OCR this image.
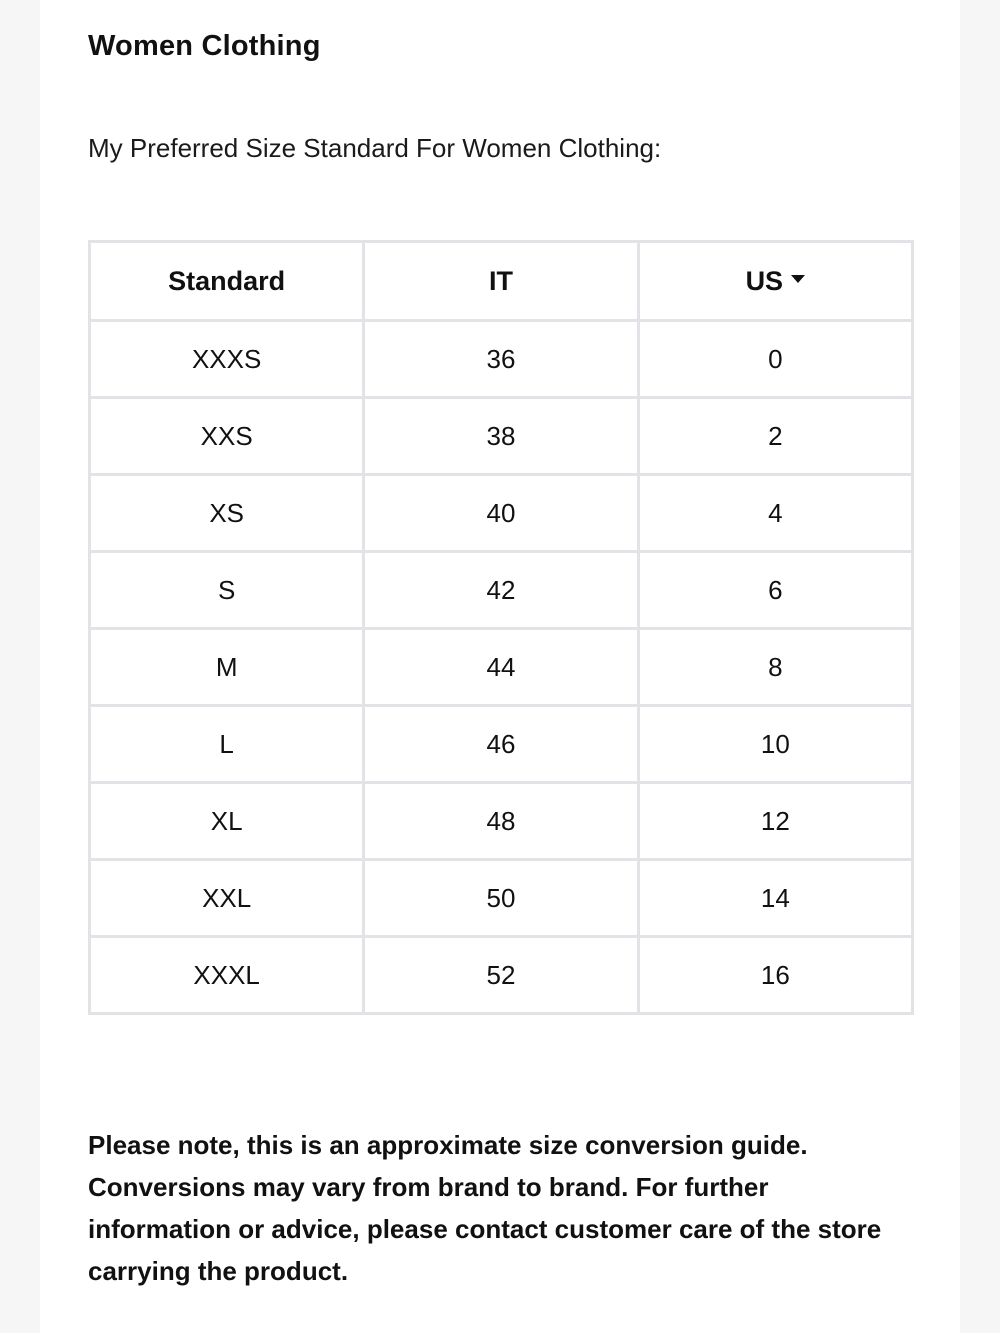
Women Clothing

My Preferred Size Standard For Women Clothing:

Standard	IT	US
XXXS	36	0
XXS	38	2
XS	40	4
S	42	6
M	44	8
L	46	10
XL	48	12
XXL	50	14
XXXL	52	16

Please note, this is an approximate size conversion guide. Conversions may vary from brand to brand. For further information or advice, please contact customer care of the store carrying the product.
